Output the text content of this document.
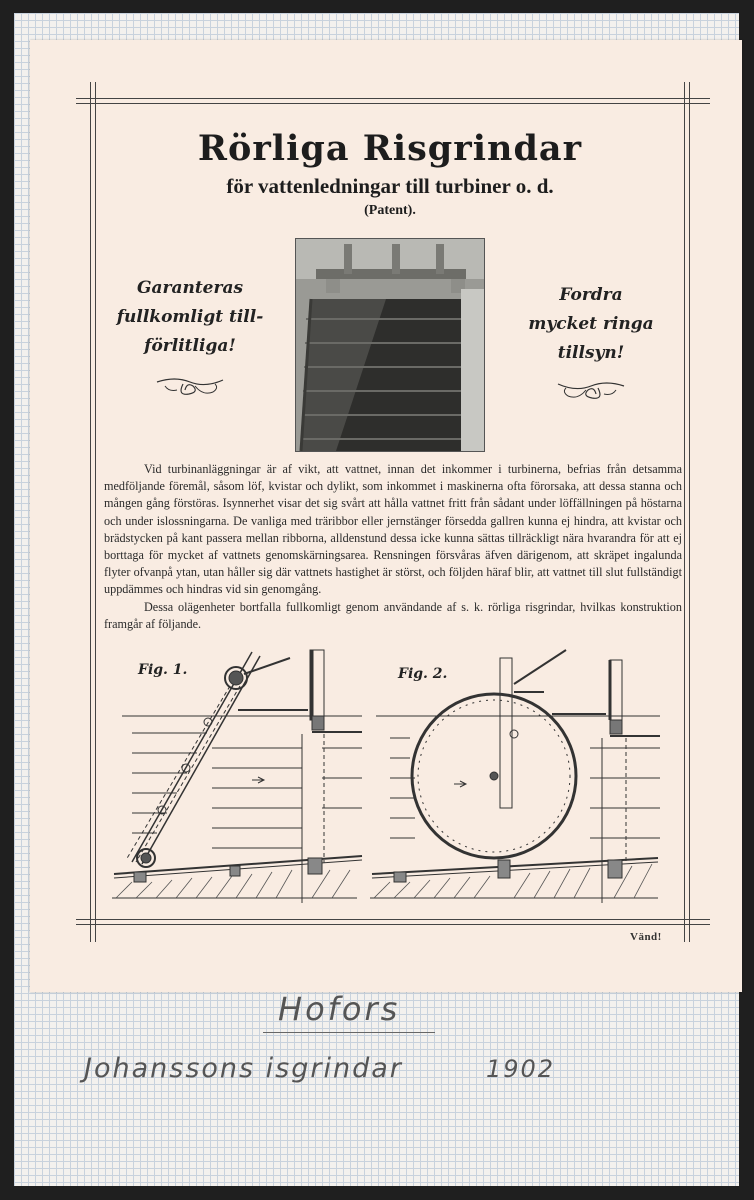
Rörliga Risgrindar
för vattenledningar till turbiner o. d.
(Patent).
Garanteras
fullkomligt till-
förlitliga!
Fordra
mycket ringa
tillsyn!

Vid turbinanläggningar är af vikt, att vattnet, innan det inkommer i turbinerna, befrias från detsamma medföljande föremål, såsom löf, kvistar och dylikt, som inkommet i maskinerna ofta förorsaka, att dessa stanna och mången gång förstöras. Isynnerhet visar det sig svårt att hålla vattnet fritt från sådant under löffällningen på höstarna och under islossningarna. De vanliga med träribbor eller jernstänger försedda gallren kunna ej hindra, att kvistar och brädstycken på kant passera mellan ribborna, alldenstund dessa icke kunna sättas tillräckligt nära hvarandra för att ej borttaga för mycket af vattnets genomskärningsarea. Rensningen försvåras äfven därigenom, att skräpet ingalunda flyter ofvanpå ytan, utan håller sig där vattnets hastighet är störst, och följden häraf blir, att vattnet till slut fullständigt uppdämmes och hindras vid sin genomgång.

Dessa olägenheter bortfalla fullkomligt genom användande af s. k. rörliga risgrindar, hvilkas konstruktion framgår af följande.

Fig. 1.	Fig. 2.
Vänd!
Hofors
Johanssons isgrindar	1902
